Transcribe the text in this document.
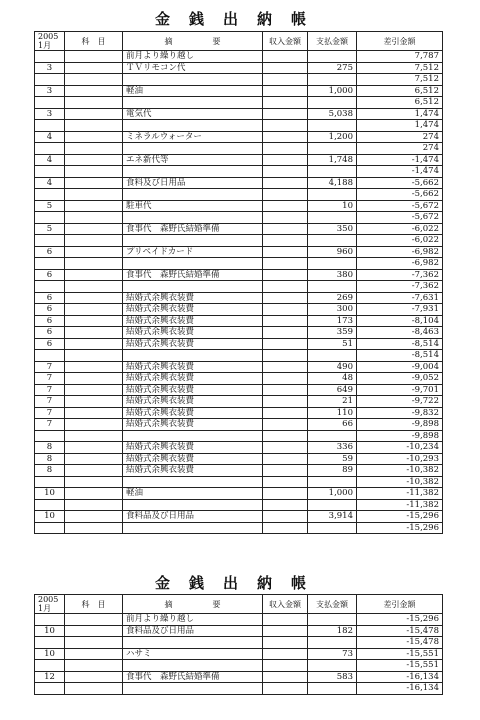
金銭出納帳
2005
1月	科　目	摘　　　　　要	収入金額	支払金額	差引金額
		前月より繰り越し			7,787
3		ＴＶリモコン代		275	7,512
					7,512
3		軽油		1,000	6,512
					6,512
3		電気代		5,038	1,474
					1,474
4		ミネラルウォーター		1,200	274
					274
4		エネ新代等		1,748	-1,474
					-1,474
4		食料及び日用品		4,188	-5,662
					-5,662
5		駐車代		10	-5,672
					-5,672
5		食事代　森野氏結婚準備		350	-6,022
					-6,022
6		プリペイドカード		960	-6,982
					-6,982
6		食事代　森野氏結婚準備		380	-7,362
					-7,362
6		結婚式余興衣装費		269	-7,631
6		結婚式余興衣装費		300	-7,931
6		結婚式余興衣装費		173	-8,104
6		結婚式余興衣装費		359	-8,463
6		結婚式余興衣装費		51	-8,514
					-8,514
7		結婚式余興衣装費		490	-9,004
7		結婚式余興衣装費		48	-9,052
7		結婚式余興衣装費		649	-9,701
7		結婚式余興衣装費		21	-9,722
7		結婚式余興衣装費		110	-9,832
7		結婚式余興衣装費		66	-9,898
					-9,898
8		結婚式余興衣装費		336	-10,234
8		結婚式余興衣装費		59	-10,293
8		結婚式余興衣装費		89	-10,382
					-10,382
10		軽油		1,000	-11,382
					-11,382
10		食料品及び日用品		3,914	-15,296
					-15,296
金銭出納帳
2005
1月	科　目	摘　　　　　要	収入金額	支払金額	差引金額
		前月より繰り越し			-15,296
10		食料品及び日用品		182	-15,478
					-15,478
10		ハサミ		73	-15,551
					-15,551
12		食事代　森野氏結婚準備		583	-16,134
					-16,134
